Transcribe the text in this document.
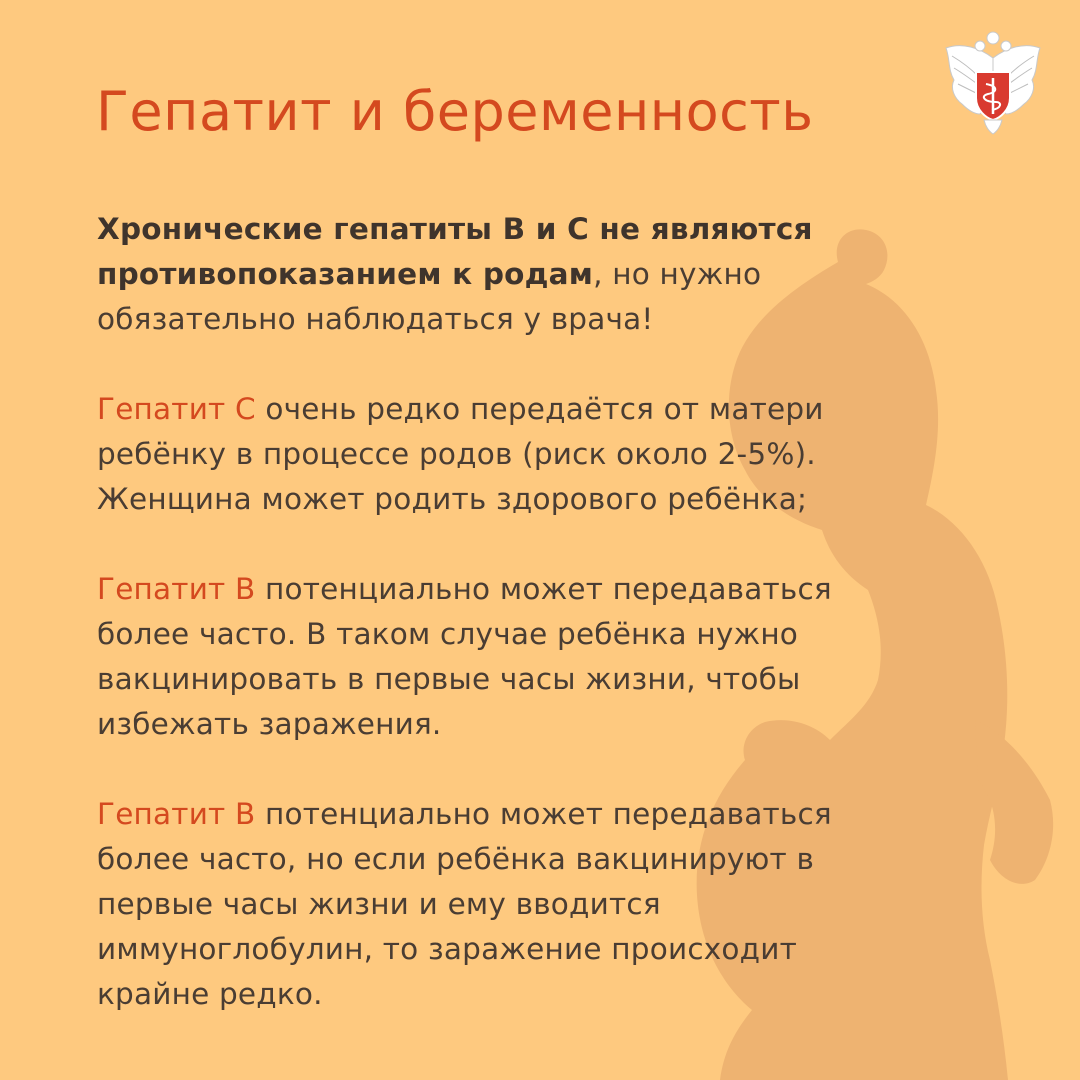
Гепатит и беременность
Хронические гепатиты В и С не являются
противопоказанием к родам, но нужно
обязательно наблюдаться у врача!
Гепатит С очень редко передаётся от матери
ребёнку в процессе родов (риск около 2-5%).
Женщина может родить здорового ребёнка;
Гепатит В потенциально может передаваться
более часто. В таком случае ребёнка нужно
вакцинировать в первые часы жизни, чтобы
избежать заражения.
Гепатит В потенциально может передаваться
более часто, но если ребёнка вакцинируют в
первые часы жизни и ему вводится
иммуноглобулин, то заражение происходит
крайне редко.
